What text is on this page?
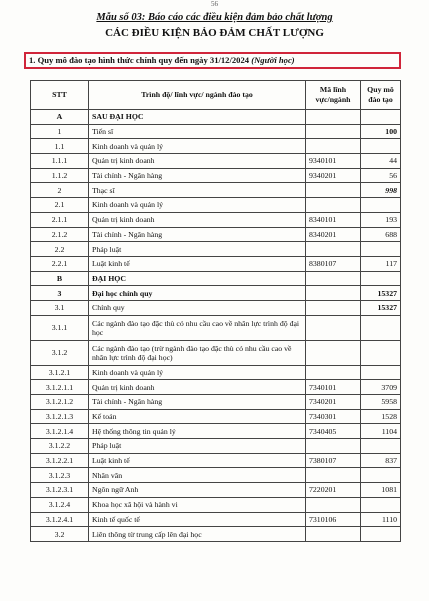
56
Mẫu số 03: Báo cáo các điều kiện đảm bảo chất lượng
CÁC ĐIỀU KIỆN BẢO ĐẢM CHẤT LƯỢNG
1. Quy mô đào tạo hình thức chính quy đến ngày 31/12/2024 (Người học)
STT	Trình độ/ lĩnh vực/ ngành đào tạo	Mã lĩnh vực/ngành	Quy mô đào tạo
A	SAU ĐẠI HỌC		
1	Tiến sĩ		100
1.1	Kinh doanh và quản lý		
1.1.1	Quản trị kinh doanh	9340101	44
1.1.2	Tài chính - Ngân hàng	9340201	56
2	Thạc sĩ		998
2.1	Kinh doanh và quản lý		
2.1.1	Quản trị kinh doanh	8340101	193
2.1.2	Tài chính - Ngân hàng	8340201	688
2.2	Pháp luật		
2.2.1	Luật kinh tế	8380107	117
B	ĐẠI HỌC		
3	Đại học chính quy		15327
3.1	Chính quy		15327
3.1.1	Các ngành đào tạo đặc thù có nhu cầu cao về nhân lực trình độ đại học		
3.1.2	Các ngành đào tạo (trừ ngành đào tạo đặc thù có nhu cầu cao về nhân lực trình độ đại học)		
3.1.2.1	Kinh doanh và quản lý		
3.1.2.1.1	Quản trị kinh doanh	7340101	3709
3.1.2.1.2	Tài chính - Ngân hàng	7340201	5958
3.1.2.1.3	Kế toán	7340301	1528
3.1.2.1.4	Hệ thống thông tin quản lý	7340405	1104
3.1.2.2	Pháp luật		
3.1.2.2.1	Luật kinh tế	7380107	837
3.1.2.3	Nhân văn		
3.1.2.3.1	Ngôn ngữ Anh	7220201	1081
3.1.2.4	Khoa học xã hội và hành vi		
3.1.2.4.1	Kinh tế quốc tế	7310106	1110
3.2	Liên thông từ trung cấp lên đại học		
